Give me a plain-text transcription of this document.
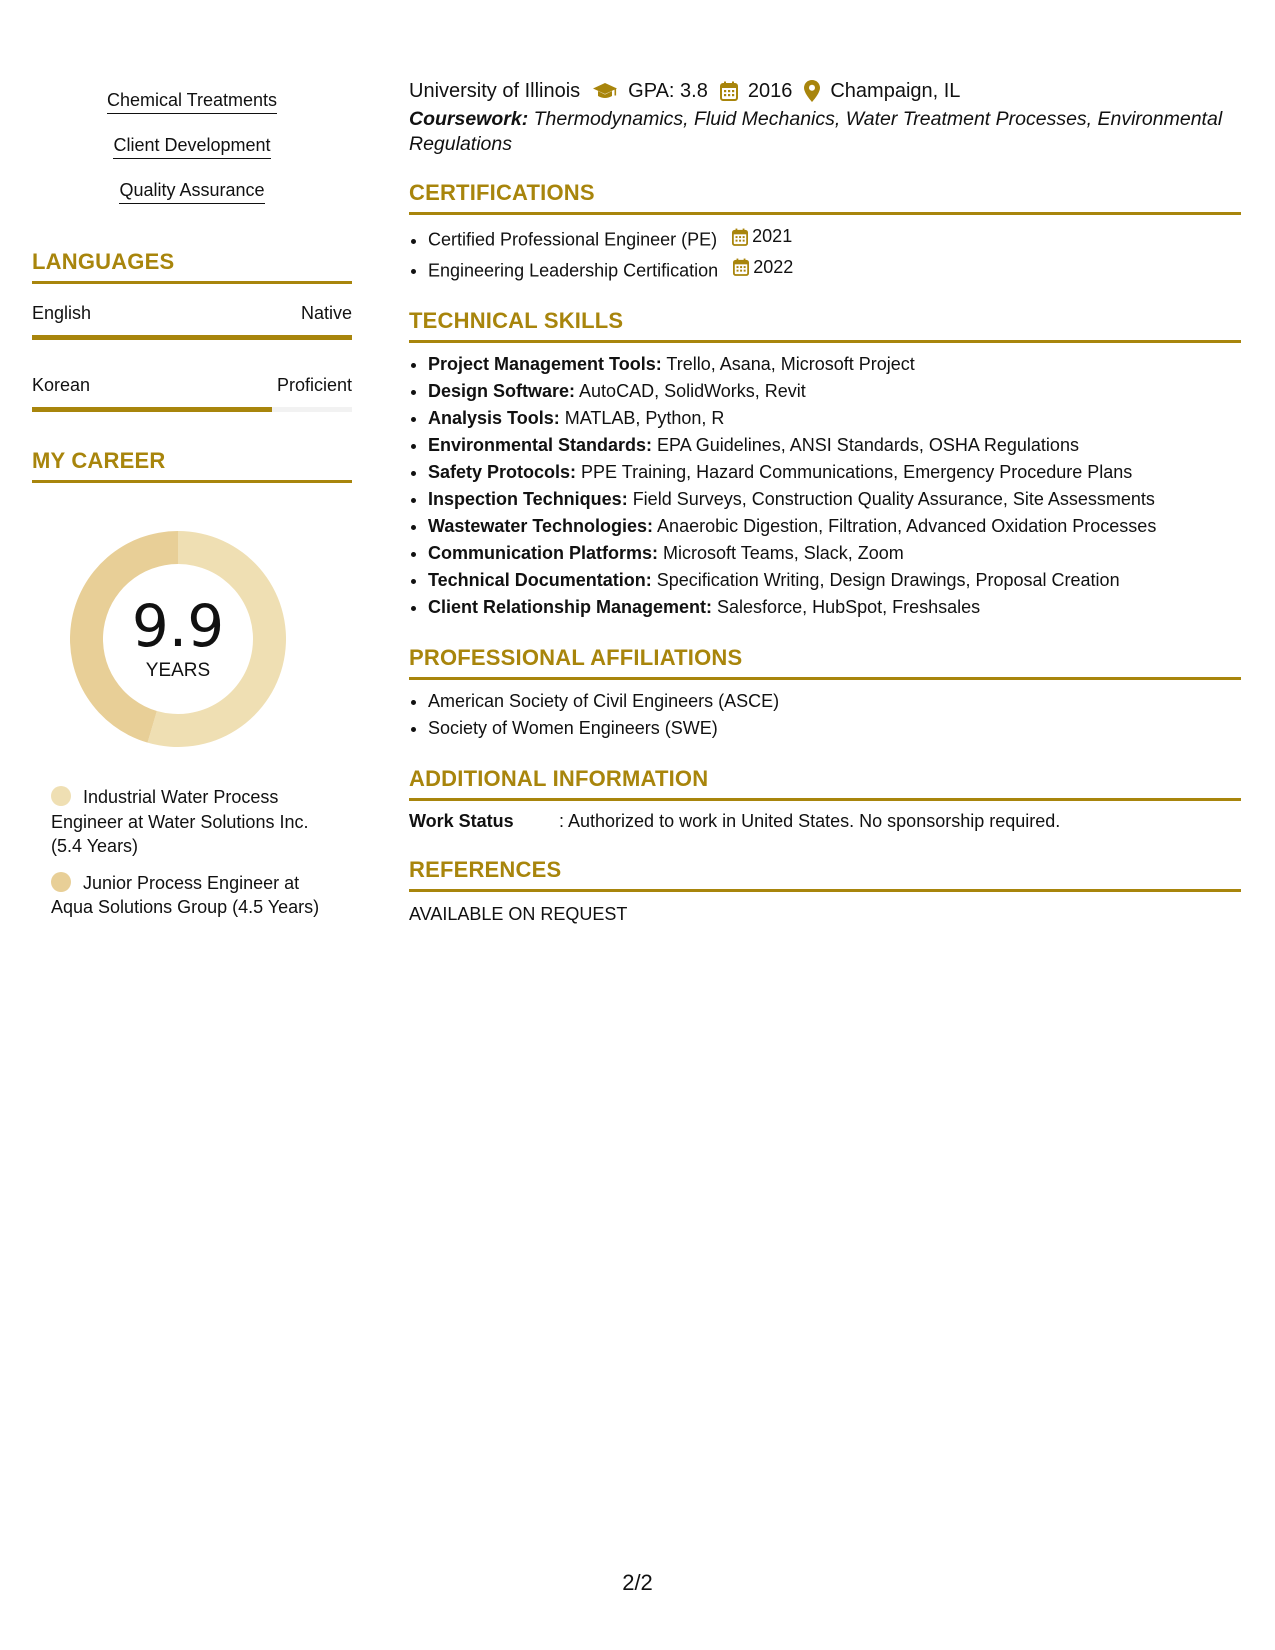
Chemical Treatments
Client Development
Quality Assurance
LANGUAGES
English	Native
Korean	Proficient
MY CAREER
9.9
YEARS
Industrial Water Process Engineer at Water Solutions Inc. (5.4 Years)
Junior Process Engineer at Aqua Solutions Group (4.5 Years)
University of Illinois GPA: 3.8 2016 Champaign, IL
Coursework: Thermodynamics, Fluid Mechanics, Water Treatment Processes, Environmental Regulations
CERTIFICATIONS
• Certified Professional Engineer (PE) 2021
• Engineering Leadership Certification 2022
TECHNICAL SKILLS
• Project Management Tools: Trello, Asana, Microsoft Project
• Design Software: AutoCAD, SolidWorks, Revit
• Analysis Tools: MATLAB, Python, R
• Environmental Standards: EPA Guidelines, ANSI Standards, OSHA Regulations
• Safety Protocols: PPE Training, Hazard Communications, Emergency Procedure Plans
• Inspection Techniques: Field Surveys, Construction Quality Assurance, Site Assessments
• Wastewater Technologies: Anaerobic Digestion, Filtration, Advanced Oxidation Processes
• Communication Platforms: Microsoft Teams, Slack, Zoom
• Technical Documentation: Specification Writing, Design Drawings, Proposal Creation
• Client Relationship Management: Salesforce, HubSpot, Freshsales
PROFESSIONAL AFFILIATIONS
• American Society of Civil Engineers (ASCE)
• Society of Women Engineers (SWE)
ADDITIONAL INFORMATION
Work Status	: Authorized to work in United States. No sponsorship required.
REFERENCES
AVAILABLE ON REQUEST
2/2
